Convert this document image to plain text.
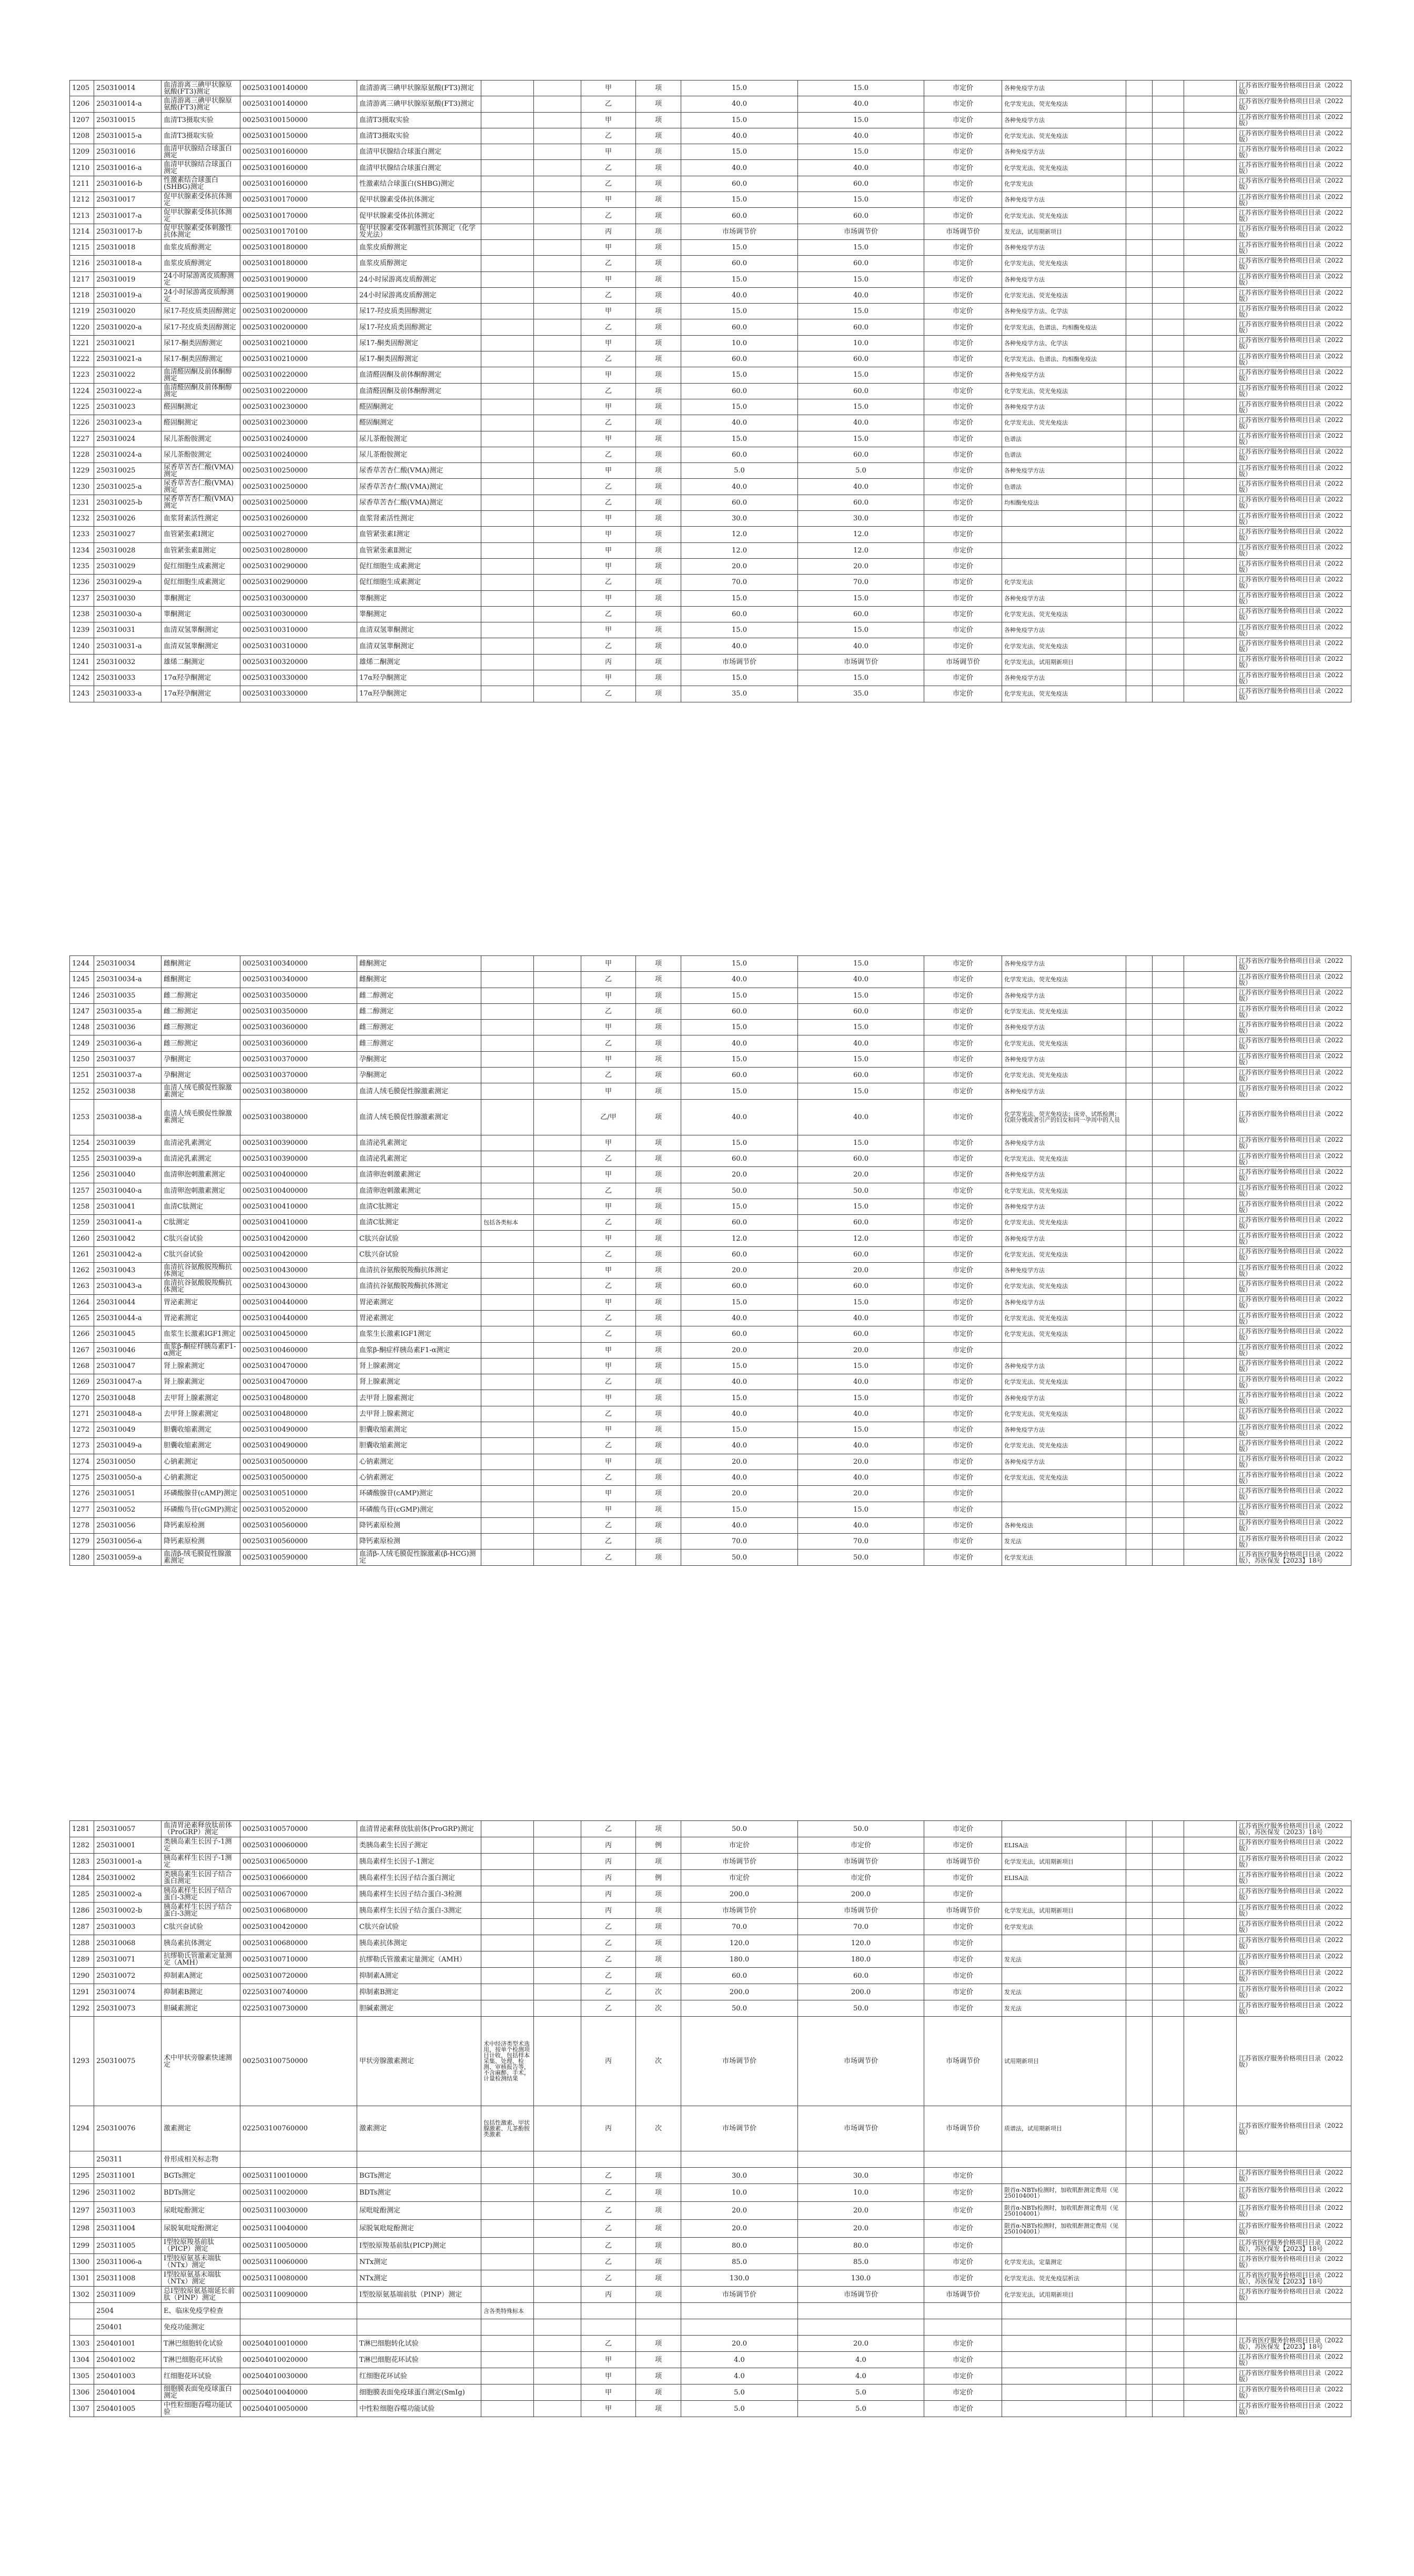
1205	250310014	血清游离三碘甲状腺原氨酸(FT3)测定	002503100140000	血清游离三碘甲状腺原氨酸(FT3)测定			甲	项	15.0	15.0	市定价	各种免疫学方法				江苏省医疗服务价格项目目录（2022版）
1206	250310014-a	血清游离三碘甲状腺原氨酸(FT3)测定	002503100140000	血清游离三碘甲状腺原氨酸(FT3)测定			乙	项	40.0	40.0	市定价	化学发光法、荧光免疫法				江苏省医疗服务价格项目目录（2022版）
1207	250310015	血清T3摄取实验	002503100150000	血清T3摄取实验			甲	项	15.0	15.0	市定价	各种免疫学方法				江苏省医疗服务价格项目目录（2022版）
1208	250310015-a	血清T3摄取实验	002503100150000	血清T3摄取实验			乙	项	40.0	40.0	市定价	化学发光法、荧光免疫法				江苏省医疗服务价格项目目录（2022版）
1209	250310016	血清甲状腺结合球蛋白测定	002503100160000	血清甲状腺结合球蛋白测定			甲	项	15.0	15.0	市定价	各种免疫学方法				江苏省医疗服务价格项目目录（2022版）
1210	250310016-a	血清甲状腺结合球蛋白测定	002503100160000	血清甲状腺结合球蛋白测定			乙	项	40.0	40.0	市定价	化学发光法、荧光免疫法				江苏省医疗服务价格项目目录（2022版）
1211	250310016-b	性激素结合球蛋白(SHBG)测定	002503100160000	性激素结合球蛋白(SHBG)测定			乙	项	60.0	60.0	市定价	化学发光法				江苏省医疗服务价格项目目录（2022版）
1212	250310017	促甲状腺素受体抗体测定	002503100170000	促甲状腺素受体抗体测定			甲	项	15.0	15.0	市定价	各种免疫学方法				江苏省医疗服务价格项目目录（2022版）
1213	250310017-a	促甲状腺素受体抗体测定	002503100170000	促甲状腺素受体抗体测定			乙	项	60.0	60.0	市定价	化学发光法、荧光免疫法				江苏省医疗服务价格项目目录（2022版）
1214	250310017-b	促甲状腺素受体刺激性抗体测定	002503100170100	促甲状腺素受体刺激性抗体测定（化学发光法）			丙	项	市场调节价	市场调节价	市场调节价	发光法，试用期新项目				江苏省医疗服务价格项目目录（2022版）
1215	250310018	血浆皮质醇测定	002503100180000	血浆皮质醇测定			甲	项	15.0	15.0	市定价	各种免疫学方法				江苏省医疗服务价格项目目录（2022版）
1216	250310018-a	血浆皮质醇测定	002503100180000	血浆皮质醇测定			乙	项	60.0	60.0	市定价	化学发光法、荧光免疫法				江苏省医疗服务价格项目目录（2022版）
1217	250310019	24小时尿游离皮质醇测定	002503100190000	24小时尿游离皮质醇测定			甲	项	15.0	15.0	市定价	各种免疫学方法				江苏省医疗服务价格项目目录（2022版）
1218	250310019-a	24小时尿游离皮质醇测定	002503100190000	24小时尿游离皮质醇测定			乙	项	40.0	40.0	市定价	化学发光法、荧光免疫法				江苏省医疗服务价格项目目录（2022版）
1219	250310020	尿17-羟皮质类固醇测定	002503100200000	尿17-羟皮质类固醇测定			甲	项	15.0	15.0	市定价	各种免疫学方法、化学法				江苏省医疗服务价格项目目录（2022版）
1220	250310020-a	尿17-羟皮质类固醇测定	002503100200000	尿17-羟皮质类固醇测定			乙	项	60.0	60.0	市定价	化学发光法、色谱法、均相酶免疫法				江苏省医疗服务价格项目目录（2022版）
1221	250310021	尿17-酮类固醇测定	002503100210000	尿17-酮类固醇测定			甲	项	10.0	10.0	市定价	各种免疫学方法、化学法				江苏省医疗服务价格项目目录（2022版）
1222	250310021-a	尿17-酮类固醇测定	002503100210000	尿17-酮类固醇测定			乙	项	60.0	60.0	市定价	化学发光法、色谱法、均相酶免疫法				江苏省医疗服务价格项目目录（2022版）
1223	250310022	血清醛固酮及前体酮醇测定	002503100220000	血清醛固酮及前体酮醇测定			甲	项	15.0	15.0	市定价	各种免疫学方法				江苏省医疗服务价格项目目录（2022版）
1224	250310022-a	血清醛固酮及前体酮醇测定	002503100220000	血清醛固酮及前体酮醇测定			乙	项	60.0	60.0	市定价	化学发光法、荧光免疫法				江苏省医疗服务价格项目目录（2022版）
1225	250310023	醛固酮测定	002503100230000	醛固酮测定			甲	项	15.0	15.0	市定价	各种免疫学方法				江苏省医疗服务价格项目目录（2022版）
1226	250310023-a	醛固酮测定	002503100230000	醛固酮测定			乙	项	40.0	40.0	市定价	化学发光法、荧光免疫法				江苏省医疗服务价格项目目录（2022版）
1227	250310024	尿儿茶酚胺测定	002503100240000	尿儿茶酚胺测定			甲	项	15.0	15.0	市定价	色谱法				江苏省医疗服务价格项目目录（2022版）
1228	250310024-a	尿儿茶酚胺测定	002503100240000	尿儿茶酚胺测定			乙	项	60.0	60.0	市定价	色谱法				江苏省医疗服务价格项目目录（2022版）
1229	250310025	尿香草苦杏仁酸(VMA)测定	002503100250000	尿香草苦杏仁酸(VMA)测定			甲	项	5.0	5.0	市定价	各种免疫学方法				江苏省医疗服务价格项目目录（2022版）
1230	250310025-a	尿香草苦杏仁酸(VMA)测定	002503100250000	尿香草苦杏仁酸(VMA)测定			乙	项	40.0	40.0	市定价	色谱法				江苏省医疗服务价格项目目录（2022版）
1231	250310025-b	尿香草苦杏仁酸(VMA)测定	002503100250000	尿香草苦杏仁酸(VMA)测定			乙	项	60.0	60.0	市定价	均相酶免疫法				江苏省医疗服务价格项目目录（2022版）
1232	250310026	血浆肾素活性测定	002503100260000	血浆肾素活性测定			甲	项	30.0	30.0	市定价					江苏省医疗服务价格项目目录（2022版）
1233	250310027	血管紧张素Ⅰ测定	002503100270000	血管紧张素Ⅰ测定			甲	项	12.0	12.0	市定价					江苏省医疗服务价格项目目录（2022版）
1234	250310028	血管紧张素Ⅱ测定	002503100280000	血管紧张素Ⅱ测定			甲	项	12.0	12.0	市定价					江苏省医疗服务价格项目目录（2022版）
1235	250310029	促红细胞生成素测定	002503100290000	促红细胞生成素测定			甲	项	20.0	20.0	市定价					江苏省医疗服务价格项目目录（2022版）
1236	250310029-a	促红细胞生成素测定	002503100290000	促红细胞生成素测定			乙	项	70.0	70.0	市定价	化学发光法				江苏省医疗服务价格项目目录（2022版）
1237	250310030	睾酮测定	002503100300000	睾酮测定			甲	项	15.0	15.0	市定价	各种免疫学方法				江苏省医疗服务价格项目目录（2022版）
1238	250310030-a	睾酮测定	002503100300000	睾酮测定			乙	项	60.0	60.0	市定价	化学发光法、荧光免疫法				江苏省医疗服务价格项目目录（2022版）
1239	250310031	血清双氢睾酮测定	002503100310000	血清双氢睾酮测定			甲	项	15.0	15.0	市定价	各种免疫学方法				江苏省医疗服务价格项目目录（2022版）
1240	250310031-a	血清双氢睾酮测定	002503100310000	血清双氢睾酮测定			乙	项	40.0	40.0	市定价	化学发光法、荧光免疫法				江苏省医疗服务价格项目目录（2022版）
1241	250310032	雄烯二酮测定	002503100320000	雄烯二酮测定			丙	项	市场调节价	市场调节价	市场调节价	化学发光法，试用期新项目				江苏省医疗服务价格项目目录（2022版）
1242	250310033	17α羟孕酮测定	002503100330000	17α羟孕酮测定			甲	项	15.0	15.0	市定价	各种免疫学方法				江苏省医疗服务价格项目目录（2022版）
1243	250310033-a	17α羟孕酮测定	002503100330000	17α羟孕酮测定			乙	项	35.0	35.0	市定价	化学发光法、荧光免疫法				江苏省医疗服务价格项目目录（2022版）
1244	250310034	雌酮测定	002503100340000	雌酮测定			甲	项	15.0	15.0	市定价	各种免疫学方法				江苏省医疗服务价格项目目录（2022版）
1245	250310034-a	雌酮测定	002503100340000	雌酮测定			乙	项	40.0	40.0	市定价	化学发光法、荧光免疫法				江苏省医疗服务价格项目目录（2022版）
1246	250310035	雌二醇测定	002503100350000	雌二醇测定			甲	项	15.0	15.0	市定价	各种免疫学方法				江苏省医疗服务价格项目目录（2022版）
1247	250310035-a	雌二醇测定	002503100350000	雌二醇测定			乙	项	60.0	60.0	市定价	化学发光法、荧光免疫法				江苏省医疗服务价格项目目录（2022版）
1248	250310036	雌三醇测定	002503100360000	雌三醇测定			甲	项	15.0	15.0	市定价	各种免疫学方法				江苏省医疗服务价格项目目录（2022版）
1249	250310036-a	雌三醇测定	002503100360000	雌三醇测定			乙	项	40.0	40.0	市定价	化学发光法、荧光免疫法				江苏省医疗服务价格项目目录（2022版）
1250	250310037	孕酮测定	002503100370000	孕酮测定			甲	项	15.0	15.0	市定价	各种免疫学方法				江苏省医疗服务价格项目目录（2022版）
1251	250310037-a	孕酮测定	002503100370000	孕酮测定			乙	项	60.0	60.0	市定价	化学发光法、荧光免疫法				江苏省医疗服务价格项目目录（2022版）
1252	250310038	血清人绒毛膜促性腺激素测定	002503100380000	血清人绒毛膜促性腺激素测定			甲	项	15.0	15.0	市定价	各种免疫学方法				江苏省医疗服务价格项目目录（2022版）
1253	250310038-a	血清人绒毛膜促性腺激素测定	002503100380000	血清人绒毛膜促性腺激素测定			乙/甲	项	40.0	40.0	市定价	化学发光法、荧光免疫法；床旁、试纸检测；仅限分娩或者引产的妇女和同一孕周中的人员				江苏省医疗服务价格项目目录（2022版）
1254	250310039	血清泌乳素测定	002503100390000	血清泌乳素测定			甲	项	15.0	15.0	市定价	各种免疫学方法				江苏省医疗服务价格项目目录（2022版）
1255	250310039-a	血清泌乳素测定	002503100390000	血清泌乳素测定			乙	项	60.0	60.0	市定价	化学发光法、荧光免疫法				江苏省医疗服务价格项目目录（2022版）
1256	250310040	血清卵泡刺激素测定	002503100400000	血清卵泡刺激素测定			甲	项	20.0	20.0	市定价	各种免疫学方法				江苏省医疗服务价格项目目录（2022版）
1257	250310040-a	血清卵泡刺激素测定	002503100400000	血清卵泡刺激素测定			乙	项	50.0	50.0	市定价	化学发光法、荧光免疫法				江苏省医疗服务价格项目目录（2022版）
1258	250310041	血清C肽测定	002503100410000	血清C肽测定			甲	项	15.0	15.0	市定价	各种免疫学方法				江苏省医疗服务价格项目目录（2022版）
1259	250310041-a	C肽测定	002503100410000	血清C肽测定	包括各类标本		乙	项	60.0	60.0	市定价	化学发光法、荧光免疫法				江苏省医疗服务价格项目目录（2022版）
1260	250310042	C肽兴奋试验	002503100420000	C肽兴奋试验			甲	项	12.0	12.0	市定价	各种免疫学方法				江苏省医疗服务价格项目目录（2022版）
1261	250310042-a	C肽兴奋试验	002503100420000	C肽兴奋试验			乙	项	60.0	60.0	市定价	化学发光法、荧光免疫法				江苏省医疗服务价格项目目录（2022版）
1262	250310043	血清抗谷氨酸脱羧酶抗体测定	002503100430000	血清抗谷氨酸脱羧酶抗体测定			甲	项	20.0	20.0	市定价	各种免疫学方法				江苏省医疗服务价格项目目录（2022版）
1263	250310043-a	血清抗谷氨酸脱羧酶抗体测定	002503100430000	血清抗谷氨酸脱羧酶抗体测定			乙	项	60.0	60.0	市定价	化学发光法、荧光免疫法				江苏省医疗服务价格项目目录（2022版）
1264	250310044	胃泌素测定	002503100440000	胃泌素测定			甲	项	15.0	15.0	市定价	各种免疫学方法				江苏省医疗服务价格项目目录（2022版）
1265	250310044-a	胃泌素测定	002503100440000	胃泌素测定			乙	项	40.0	40.0	市定价	化学发光法、荧光免疫法				江苏省医疗服务价格项目目录（2022版）
1266	250310045	血浆生长激素IGF1测定	002503100450000	血浆生长激素IGF1测定			乙	项	60.0	60.0	市定价	化学发光法、荧光免疫法				江苏省医疗服务价格项目目录（2022版）
1267	250310046	血浆β-酮症样胰岛素F1-α测定	002503100460000	血浆β-酮症样胰岛素F1-α测定			甲	项	20.0	20.0	市定价					江苏省医疗服务价格项目目录（2022版）
1268	250310047	肾上腺素测定	002503100470000	肾上腺素测定			甲	项	15.0	15.0	市定价	各种免疫学方法				江苏省医疗服务价格项目目录（2022版）
1269	250310047-a	肾上腺素测定	002503100470000	肾上腺素测定			乙	项	40.0	40.0	市定价	化学发光法、荧光免疫法				江苏省医疗服务价格项目目录（2022版）
1270	250310048	去甲肾上腺素测定	002503100480000	去甲肾上腺素测定			甲	项	15.0	15.0	市定价	各种免疫学方法				江苏省医疗服务价格项目目录（2022版）
1271	250310048-a	去甲肾上腺素测定	002503100480000	去甲肾上腺素测定			乙	项	40.0	40.0	市定价	化学发光法、荧光免疫法				江苏省医疗服务价格项目目录（2022版）
1272	250310049	胆囊收缩素测定	002503100490000	胆囊收缩素测定			甲	项	15.0	15.0	市定价	各种免疫学方法				江苏省医疗服务价格项目目录（2022版）
1273	250310049-a	胆囊收缩素测定	002503100490000	胆囊收缩素测定			乙	项	40.0	40.0	市定价	化学发光法、荧光免疫法				江苏省医疗服务价格项目目录（2022版）
1274	250310050	心钠素测定	002503100500000	心钠素测定			甲	项	20.0	20.0	市定价	各种免疫学方法				江苏省医疗服务价格项目目录（2022版）
1275	250310050-a	心钠素测定	002503100500000	心钠素测定			乙	项	40.0	40.0	市定价	化学发光法、荧光免疫法				江苏省医疗服务价格项目目录（2022版）
1276	250310051	环磷酸腺苷(cAMP)测定	002503100510000	环磷酸腺苷(cAMP)测定			甲	项	20.0	20.0	市定价					江苏省医疗服务价格项目目录（2022版）
1277	250310052	环磷酸鸟苷(cGMP)测定	002503100520000	环磷酸鸟苷(cGMP)测定			甲	项	15.0	15.0	市定价					江苏省医疗服务价格项目目录（2022版）
1278	250310056	降钙素原检测	002503100560000	降钙素原检测			乙	项	40.0	40.0	市定价	各种免疫法				江苏省医疗服务价格项目目录（2022版）
1279	250310056-a	降钙素原检测	002503100560000	降钙素原检测			乙	项	70.0	70.0	市定价	发光法				江苏省医疗服务价格项目目录（2022版）
1280	250310059-a	血清β-绒毛膜促性腺激素测定	002503100590000	血清β-人绒毛膜促性腺激素(β-HCG)测定			乙	项	50.0	50.0	市定价	化学发光法				江苏省医疗服务价格项目目录（2022版），苏医保发【2023】18号
1281	250310057	血清胃泌素释放肽前体（ProGRP）测定	002503100570000	血清胃泌素释放肽前体(ProGRP)测定			乙	项	50.0	50.0	市定价					江苏省医疗服务价格项目目录（2022版），苏医保发（2023）18号
1282	250310001	类胰岛素生长因子-1测定	002503100060000	类胰岛素生长因子测定			丙	例	市定价	市定价	市定价	ELISA法				江苏省医疗服务价格项目目录（2022版）
1283	250310001-a	胰岛素样生长因子-1测定	002503100650000	胰岛素样生长因子-1测定			丙	项	市场调节价	市场调节价	市场调节价	化学发光法，试用期新项目				江苏省医疗服务价格项目目录（2022版）
1284	250310002	类胰岛素生长因子结合蛋白测定	002503100660000	胰岛素样生长因子结合蛋白测定			丙	例	市定价	市定价	市定价	ELISA法				江苏省医疗服务价格项目目录（2022版）
1285	250310002-a	胰岛素样生长因子结合蛋白-3测定	002503100670000	胰岛素样生长因子结合蛋白-3检测			丙	项	200.0	200.0	市定价					江苏省医疗服务价格项目目录（2022版）
1286	250310002-b	胰岛素样生长因子结合蛋白-3测定	002503100680000	胰岛素样生长因子结合蛋白-3测定			丙	项	市场调节价	市场调节价	市场调节价	化学发光法，试用期新项目				江苏省医疗服务价格项目目录（2022版）
1287	250310003	C肽兴奋试验	002503100420000	C肽兴奋试验			乙	项	70.0	70.0	市定价	化学发光法				江苏省医疗服务价格项目目录（2022版）
1288	250310068	胰岛素抗体测定	002503100680000	胰岛素抗体测定			乙	项	120.0	120.0	市定价					江苏省医疗服务价格项目目录（2022版）
1289	250310071	抗缪勒氏管激素定量测定（AMH）	002503100710000	抗缪勒氏管激素定量测定（AMH）			乙	项	180.0	180.0	市定价	发光法				江苏省医疗服务价格项目目录（2022版）
1290	250310072	抑制素A测定	002503100720000	抑制素A测定			乙	项	60.0	60.0	市定价					江苏省医疗服务价格项目目录（2022版）
1291	250310074	抑制素B测定	022503100740000	抑制素B测定			乙	次	200.0	200.0	市定价	发光法				江苏省医疗服务价格项目目录（2022版）
1292	250310073	胆碱素测定	022503100730000	胆碱素测定			乙	次	50.0	50.0	市定价	发光法				江苏省医疗服务价格项目目录（2022版）
1293	250310075	术中甲状旁腺素快速测定	002503100750000	甲状旁腺激素测定	术中经济类型术选用，按单个检测项目计收，包括样本采集、处理、检测、审核报告等，不含麻醉、手术，计量检测结果		丙	次	市场调节价	市场调节价	市场调节价	试用期新项目				江苏省医疗服务价格项目目录（2022版）
1294	250310076	激素测定	022503100760000	激素测定	包括性激素、甲状腺激素、儿茶酚胺类激素		丙	次	市场调节价	市场调节价	市场调节价	质谱法，试用期新项目				江苏省医疗服务价格项目目录（2022版）
	250311	骨形成相关标志物														
1295	250311001	BGTs测定	002503110010000	BGTs测定			乙	项	30.0	30.0	市定价					江苏省医疗服务价格项目目录（2022版）
1296	250311002	BDTs测定	002503110020000	BDTs测定			乙	项	10.0	10.0	市定价	限首α-NBTs检测时，加收肌酐测定费用（见250104001）				江苏省医疗服务价格项目目录（2022版）
1297	250311003	尿吡啶酚测定	002503110030000	尿吡啶酚测定			乙	项	20.0	20.0	市定价	限首α-NBTs检测时，加收肌酐测定费用（见250104001）				江苏省医疗服务价格项目目录（2022版）
1298	250311004	尿脱氧吡啶酚测定	002503110040000	尿脱氧吡啶酚测定			乙	项	20.0	20.0	市定价	限首α-NBTs检测时，加收肌酐测定费用（见250104001）				江苏省医疗服务价格项目目录（2022版）
1299	250311005	Ⅰ型胶原羧基前肽（PICP）测定	002503110050000	Ⅰ型胶原羧基前肽(PICP)测定			乙	项	80.0	80.0	市定价					江苏省医疗服务价格项目目录（2022版），苏医保发【2023】18号
1300	250311006-a	Ⅰ型胶原氨基末端肽（NTx）测定	002503110060000	NTx测定			乙	项	85.0	85.0	市定价	化学发光法，定量测定				江苏省医疗服务价格项目目录（2022版）
1301	250311008	Ⅰ型胶原氨基末端肽（NTx）测定	002503110080000	NTx测定			乙	项	130.0	130.0	市定价	化学发光法、荧光免疫层析法				江苏省医疗服务价格项目目录（2022版），苏医保发【2023】18号
1302	250311009	总Ⅰ型胶原氨基端延长前肽（PINP）测定	002503110090000	Ⅰ型胶原氨基端前肽（PINP）测定			丙	项	市场调节价	市场调节价	市场调节价	化学发光法，试用期新项目				江苏省医疗服务价格项目目录（2022版）
	2504	E、临床免疫学检查			含各类特殊标本											
	250401	免疫功能测定														
1303	250401001	T淋巴细胞转化试验	002504010010000	T淋巴细胞转化试验			乙	项	20.0	20.0	市定价					江苏省医疗服务价格项目目录（2022版），苏医保发【2023】18号
1304	250401002	T淋巴细胞花环试验	002504010020000	T淋巴细胞花环试验			甲	项	4.0	4.0	市定价					江苏省医疗服务价格项目目录（2022版）
1305	250401003	红细胞花环试验	002504010030000	红细胞花环试验			甲	项	4.0	4.0	市定价					江苏省医疗服务价格项目目录（2022版）
1306	250401004	细胞膜表面免疫球蛋白测定	002504010040000	细胞膜表面免疫球蛋白测定(SmIg)			甲	项	5.0	5.0	市定价					江苏省医疗服务价格项目目录（2022版）
1307	250401005	中性粒细胞吞噬功能试验	002504010050000	中性粒细胞吞噬功能试验			甲	项	5.0	5.0	市定价					江苏省医疗服务价格项目目录（2022版）
